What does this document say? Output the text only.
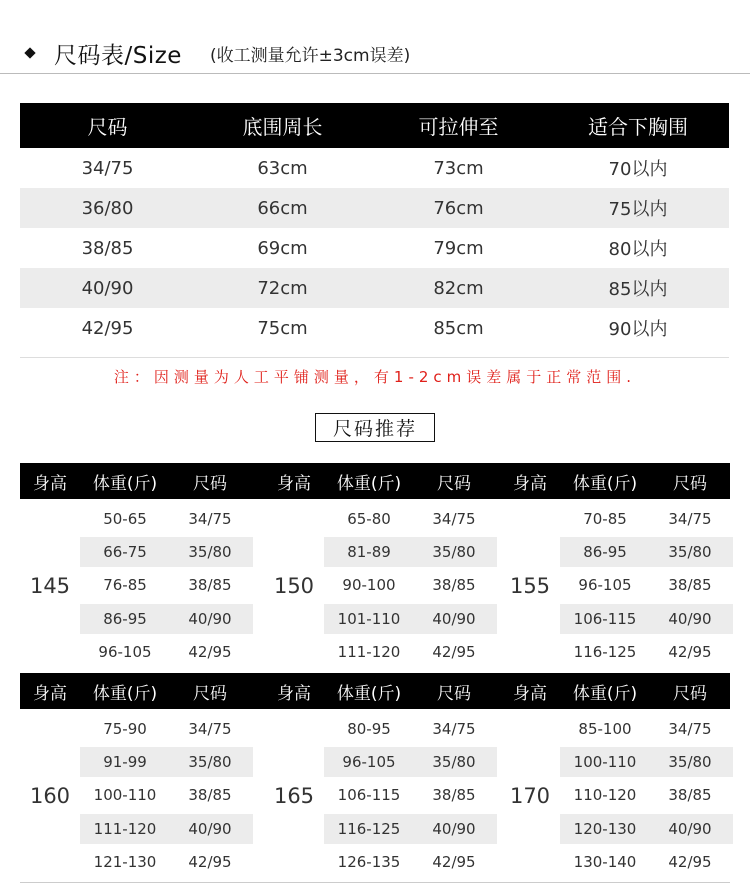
尺码表/Size (收工测量允许±3cm误差)
尺码	底围周长	可拉伸至	适合下胸围
34/75	63cm	73cm	70以内
36/80	66cm	76cm	75以内
38/85	69cm	79cm	80以内
40/90	72cm	82cm	85以内
42/95	75cm	85cm	90以内
注：因测量为人工平铺测量，有1-2cm误差属于正常范围.
尺码推荐
身高	体重(斤)	尺码
145
50-65	34/75
66-75	35/80
76-85	38/85
86-95	40/90
96-105	42/95
身高	体重(斤)	尺码
150
65-80	34/75
81-89	35/80
90-100	38/85
101-110	40/90
111-120	42/95
身高	体重(斤)	尺码
155
70-85	34/75
86-95	35/80
96-105	38/85
106-115	40/90
116-125	42/95
身高	体重(斤)	尺码
160
75-90	34/75
91-99	35/80
100-110	38/85
111-120	40/90
121-130	42/95
身高	体重(斤)	尺码
165
80-95	34/75
96-105	35/80
106-115	38/85
116-125	40/90
126-135	42/95
身高	体重(斤)	尺码
170
85-100	34/75
100-110	35/80
110-120	38/85
120-130	40/90
130-140	42/95
